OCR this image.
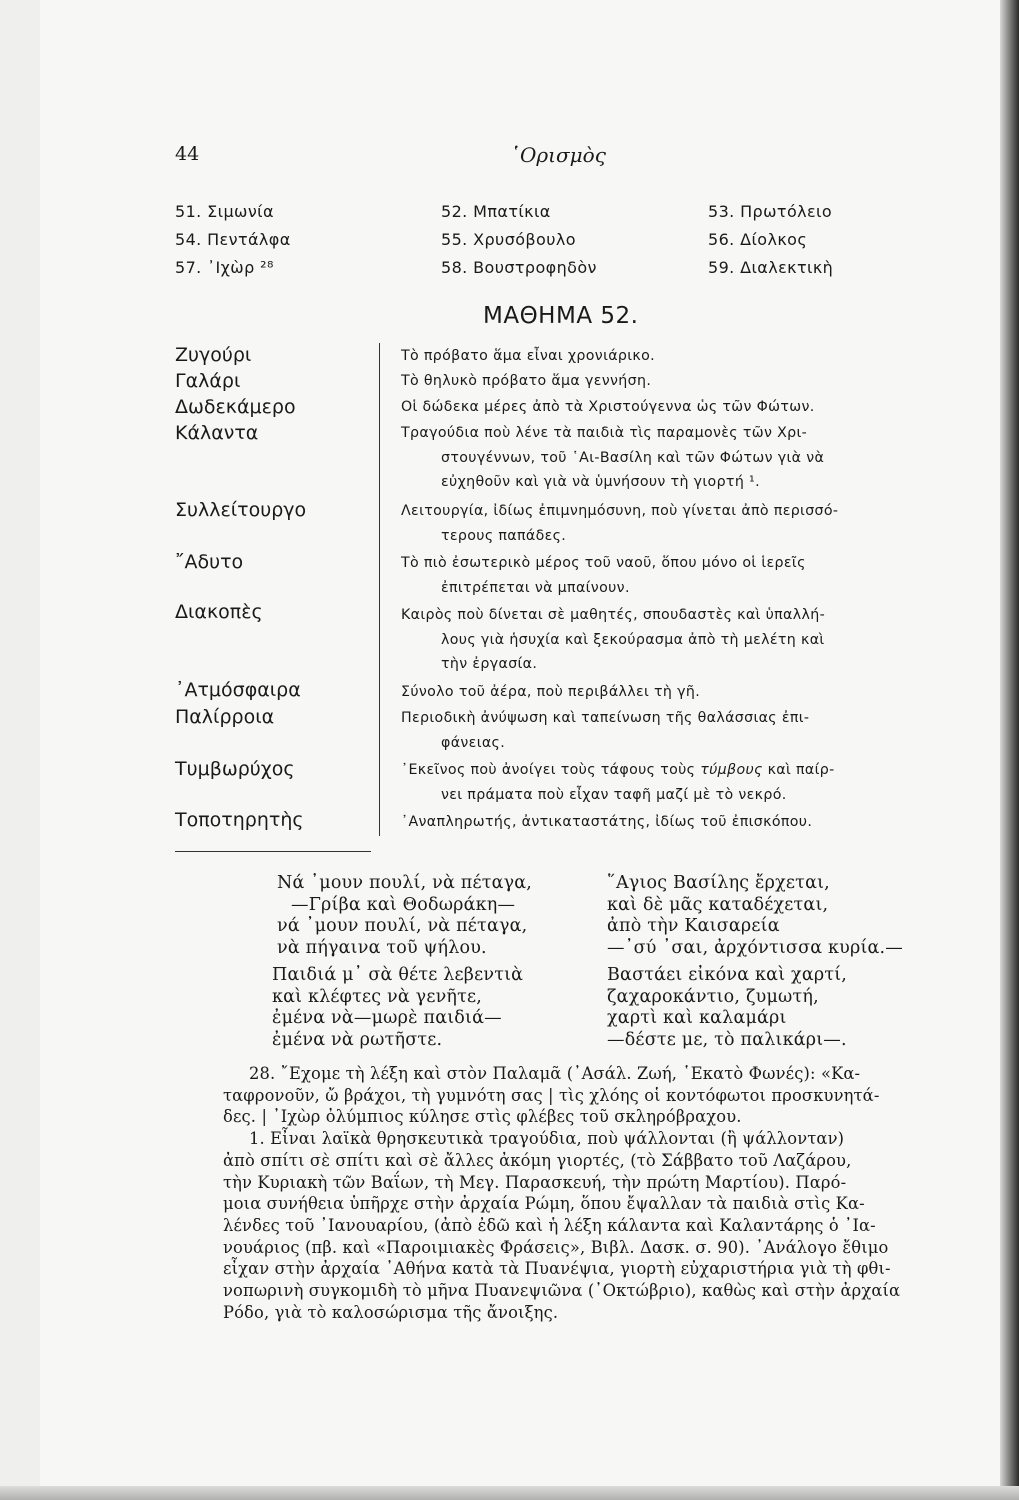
44	῾Ορισμὸς
51. Σιμωνία
54. Πεντάλφα
57. ᾽Ιχὼρ ²⁸
52. Μπατίκια
55. Χρυσόβουλο
58. Βουστροφηδὸν
53. Πρωτόλειο
56. Δίολκος
59. Διαλεκτικὴ
ΜΑΘΗΜΑ 52.
Ζυγούρι
Γαλάρι
Δωδεκάμερο
Κάλαντα
Συλλείτουργο
῎Αδυτο
Διακοπὲς
᾽Ατμόσφαιρα
Παλίρροια
Τυμβωρύχος
Τοποτηρητὴς
Τὸ πρόβατο ἅμα εἶναι χρονιάρικο.
Τὸ θηλυκὸ πρόβατο ἅμα γεννήση.
Οἱ δώδεκα μέρες ἀπὸ τὰ Χριστούγεννα ὡς τῶν Φώτων.
Τραγούδια ποὺ λένε τὰ παιδιὰ τὶς παραμονὲς τῶν Χρι-
στουγέννων, τοῦ ῾Αι-Βασίλη καὶ τῶν Φώτων γιὰ νὰ
εὐχηθοῦν καὶ γιὰ νὰ ὑμνήσουν τὴ γιορτή ¹.
Λειτουργία, ἰδίως ἐπιμνημόσυνη, ποὺ γίνεται ἀπὸ περισσό-
τερους παπάδες.
Τὸ πιὸ ἐσωτερικὸ μέρος τοῦ ναοῦ, ὅπου μόνο οἱ ἱερεῖς
ἐπιτρέπεται νὰ μπαίνουν.
Καιρὸς ποὺ δίνεται σὲ μαθητές, σπουδαστὲς καὶ ὑπαλλή-
λους γιὰ ἡσυχία καὶ ξεκούρασμα ἀπὸ τὴ μελέτη καὶ
τὴν ἐργασία.
Σύνολο τοῦ ἀέρα, ποὺ περιβάλλει τὴ γῆ.
Περιοδικὴ ἀνύψωση καὶ ταπείνωση τῆς θαλάσσιας ἐπι-
φάνειας.
᾽Εκεῖνος ποὺ ἀνοίγει τοὺς τάφους τοὺς τύμβους καὶ παίρ-
νει πράματα ποὺ εἶχαν ταφῆ μαζί μὲ τὸ νεκρό.
᾽Αναπληρωτής, ἀντικαταστάτης, ἰδίως τοῦ ἐπισκόπου.
Νά ᾽μουν πουλί, νὰ πέταγα,
—Γρίβα καὶ Θοδωράκη—
νά ᾽μουν πουλί, νὰ πέταγα,
νὰ πήγαινα τοῦ ψήλου.
Παιδιά μ᾽ σὰ θέτε λεβεντιὰ
καὶ κλέφτες νὰ γενῆτε,
ἐμένα νὰ—μωρὲ παιδιά—
ἐμένα νὰ ρωτῆστε.
῞Αγιος Βασίλης ἔρχεται,
καὶ δὲ μᾶς καταδέχεται,
ἀπὸ τὴν Καισαρεία
—᾽σύ ᾽σαι, ἀρχόντισσα κυρία.—
Βαστάει εἰκόνα καὶ χαρτί,
ζαχαροκάντιο, ζυμωτή,
χαρτὶ καὶ καλαμάρι
—δέστε με, τὸ παλικάρι—.
28. ῎Εχομε τὴ λέξη καὶ στὸν Παλαμᾶ (᾽Ασάλ. Ζωή, ῾Εκατὸ Φωνές): «Κα-
ταφρονοῦν, ὤ βράχοι, τὴ γυμνότη σας | τὶς χλόης οἱ κοντόφωτοι προσκυνητά-
δες. | ᾽Ιχὼρ ὀλύμπιος κύλησε στὶς φλέβες τοῦ σκληρόβραχου.
1. Εἶναι λαϊκὰ θρησκευτικὰ τραγούδια, ποὺ ψάλλονται (ἢ ψάλλονταν)
ἀπὸ σπίτι σὲ σπίτι καὶ σὲ ἄλλες ἀκόμη γιορτές, (τὸ Σάββατο τοῦ Λαζάρου,
τὴν Κυριακὴ τῶν Βαΐων, τὴ Μεγ. Παρασκευή, τὴν πρώτη Μαρτίου). Παρό-
μοια συνήθεια ὑπῆρχε στὴν ἀρχαία Ρώμη, ὅπου ἔψαλλαν τὰ παιδιὰ στὶς Κα-
λένδες τοῦ ᾽Ιανουαρίου, (ἀπὸ ἐδῶ καὶ ἡ λέξη κάλαντα καὶ Καλαντάρης ὁ ᾽Ια-
νουάριος (πβ. καὶ «Παροιμιακὲς Φράσεις», Βιβλ. Δασκ. σ. 90). ᾽Ανάλογο ἔθιμο
εἶχαν στὴν ἀρχαία ᾽Αθήνα κατὰ τὰ Πυανέψια, γιορτὴ εὐχαριστήρια γιὰ τὴ φθι-
νοπωρινὴ συγκομιδὴ τὸ μῆνα Πυανεψιῶνα (᾽Οκτώβριο), καθὼς καὶ στὴν ἀρχαία
Ρόδο, γιὰ τὸ καλοσώρισμα τῆς ἄνοιξης.
